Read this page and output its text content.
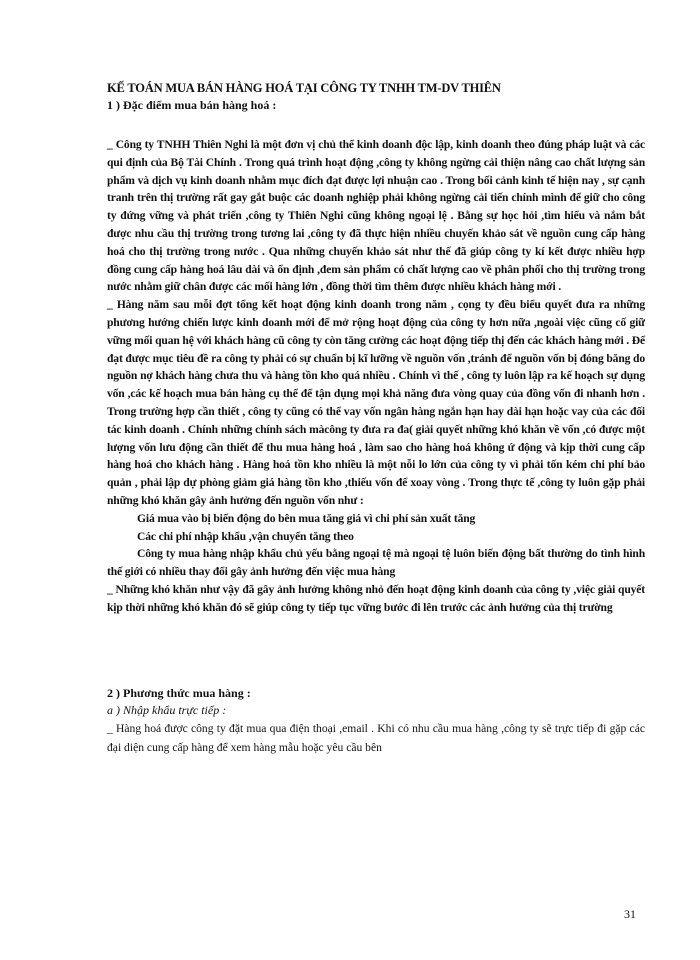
KẾ TOÁN MUA BÁN HÀNG HOÁ TẠI CÔNG TY TNHH TM-DV THIÊN
1 ) Đặc điểm mua bán hàng hoá :

_ Công ty TNHH Thiên Nghi là một đơn vị chủ thể kinh doanh độc lập, kinh doanh theo đúng pháp luật và các qui định của Bộ Tài Chính . Trong quá trình hoạt động ,công ty không ngừng cải thiện nâng cao chất lượng sản phẩm và dịch vụ kinh doanh nhằm mục đích đạt được lợi nhuận cao . Trong bối cảnh kinh tế hiện nay , sự cạnh tranh trên thị trường rất gay gắt buộc các doanh nghiệp phải không ngừng cải tiến chính mình để giữ cho công ty đứng vững và phát triển ,công ty Thiên Nghi cũng không ngoại lệ . Bằng sự học hỏi ,tìm hiểu và nắm bắt được nhu cầu thị trường trong tương lai ,công ty đã thực hiện nhiều chuyến khảo sát về nguồn cung cấp hàng hoá cho thị trường trong nước . Qua những chuyến khảo sát như thế đã giúp công ty kí kết được nhiều hợp đồng cung cấp hàng hoá lâu dài và ổn định ,đem sản phẩm có chất lượng cao về phân phối cho thị trường trong nước nhằm giữ chân được các mối hàng lớn , đồng thời tìm thêm được nhiều khách hàng mới .

_ Hàng năm sau mỗi đợt tổng kết hoạt động kinh doanh trong năm , cọng ty đều biểu quyết đưa ra những phương hướng chiến lược kinh doanh mới để mở rộng hoạt động của công ty hơn nữa ,ngoài việc cũng cố giữ vững mối quan hệ với khách hàng cũ công ty còn tăng cường các hoạt động tiếp thị đến các khách hàng mới . Để đạt được mục tiêu đề ra công ty phải có sự chuẩn bị kĩ lưỡng về nguồn vốn ,tránh để nguồn vốn bị đóng băng do nguồn nợ khách hàng chưa thu và hàng tồn kho quá nhiều . Chính vì thế , công ty luôn lập ra kế hoạch sự dụng vốn ,các kế hoạch mua bán hàng cụ thể để tận dụng mọi khả năng đưa vòng quay của đồng vốn đi nhanh hơn . Trong trường hợp cần thiết , công ty cũng có thể vay vốn ngân hàng ngắn hạn hay dài hạn hoặc vay của các đối tác kinh doanh . Chính những chính sách màcông ty đưa ra đa( giải quyết những khó khăn về vốn ,có được một lượng vốn lưu động cần thiết để thu mua hàng hoá , làm sao cho hàng hoá không ứ động và kịp thời cung cấp hàng hoá cho khách hàng . Hàng hoá tồn kho nhiều là một nỗi lo lớn của công ty vì phải tốn kém chi phí bảo quản , phải lập dự phòng giảm giá hàng tồn kho ,thiếu vốn để xoay vòng . Trong thực tế ,công ty luôn gặp phải những khó khăn gây ảnh hưởng đến nguồn vốn như :

Giá mua vào bị biến động do bên mua tăng giá vì chi phí sản xuất tăng

Các chi phí nhập khẩu ,vận chuyển tăng theo

Công ty mua hàng nhập khẩu chủ yếu bằng ngoại tệ mà ngoại tệ luôn biến động bất thường do tình hình thế giới có nhiều thay đổi gây ảnh hưởng đến việc mua hàng

_ Những khó khăn như vậy đã gây ảnh hưởng không nhỏ đến hoạt động kinh doanh của công ty ,việc giải quyết kịp thời những khó khăn đó sẽ giúp công ty tiếp tục vững bước đi lên trước các ảnh hưởng của thị trường

2 ) Phương thức mua hàng :

a ) Nhập khẩu trực tiếp :

_ Hàng hoá được công ty đặt mua qua điện thoại ,email . Khi có nhu cầu mua hàng ,công ty sẽ trực tiếp đi gặp các đại diện cung cấp hàng để xem hàng mẫu hoặc yêu cầu bên

31
